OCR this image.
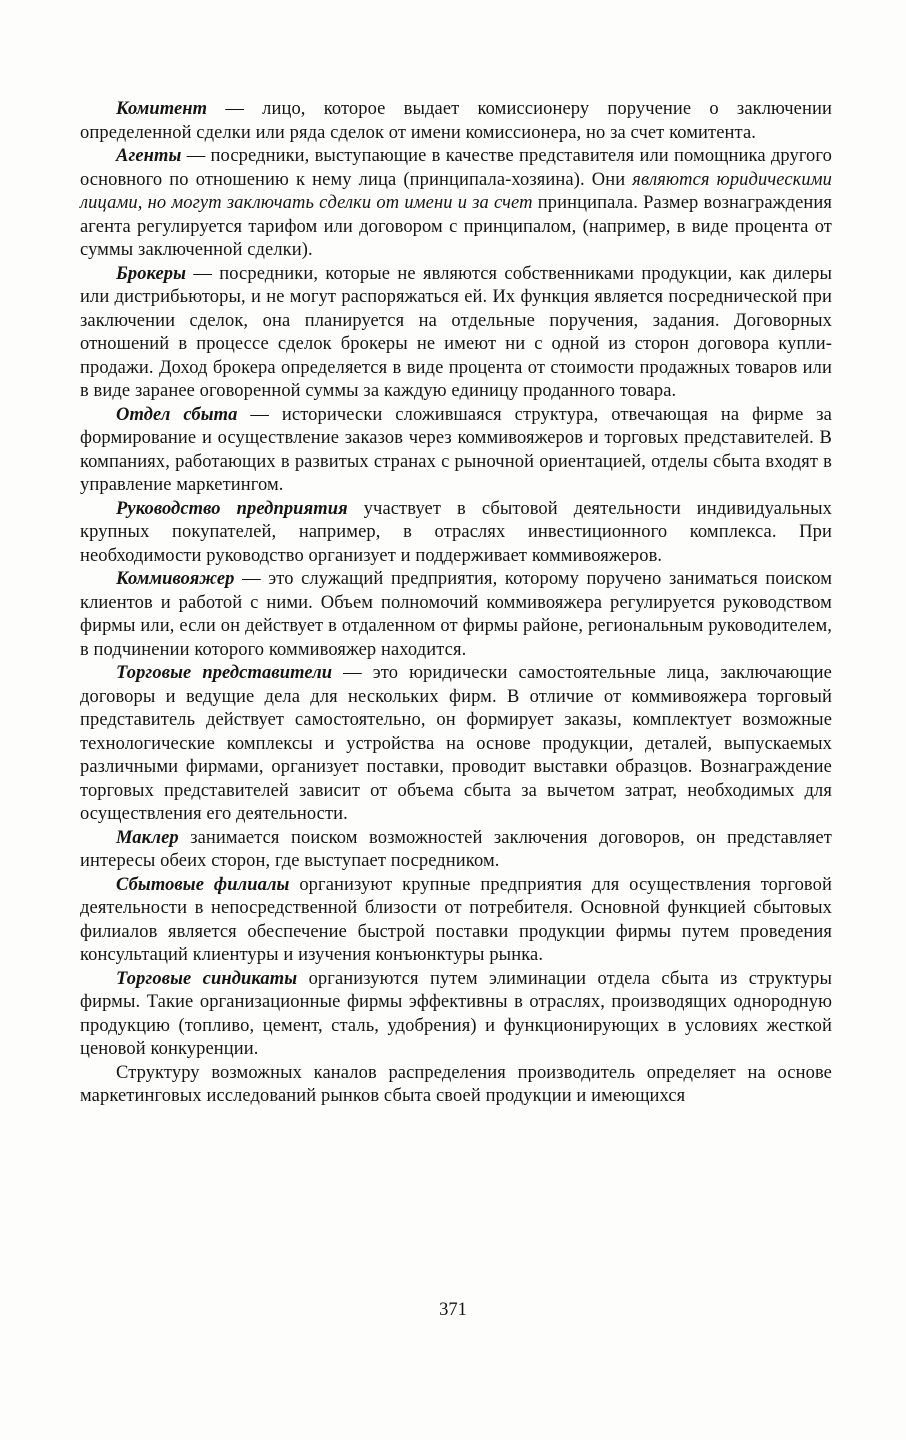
Комитент — лицо, которое выдает комиссионеру поручение о заключении определенной сделки или ряда сделок от имени комиссионера, но за счет комитента.

Агенты — посредники, выступающие в качестве представителя или помощника другого основного по отношению к нему лица (принципала-хозяина). Они являются юридическими лицами, но могут заключать сделки от имени и за счет принципала. Размер вознаграждения агента регулируется тарифом или договором с принципалом, (например, в виде процента от суммы заключенной сделки).

Брокеры — посредники, которые не являются собственниками продукции, как дилеры или дистрибьюторы, и не могут распоряжаться ей. Их функция является посреднической при заключении сделок, она планируется на отдельные поручения, задания. Договорных отношений в процессе сделок брокеры не имеют ни с одной из сторон договора купли-продажи. Доход брокера определяется в виде процента от стоимости продажных товаров или в виде заранее оговоренной суммы за каждую единицу проданного товара.

Отдел сбыта — исторически сложившаяся структура, отвечающая на фирме за формирование и осуществление заказов через коммивояжеров и торговых представителей. В компаниях, работающих в развитых странах с рыночной ориентацией, отделы сбыта входят в управление маркетингом.

Руководство предприятия участвует в сбытовой деятельности индивидуальных крупных покупателей, например, в отраслях инвестиционного комплекса. При необходимости руководство организует и поддерживает коммивояжеров.

Коммивояжер — это служащий предприятия, которому поручено заниматься поиском клиентов и работой с ними. Объем полномочий коммивояжера регулируется руководством фирмы или, если он действует в отдаленном от фирмы районе, региональным руководителем, в подчинении которого коммивояжер находится.

Торговые представители — это юридически самостоятельные лица, заключающие договоры и ведущие дела для нескольких фирм. В отличие от коммивояжера торговый представитель действует самостоятельно, он формирует заказы, комплектует возможные технологические комплексы и устройства на основе продукции, деталей, выпускаемых различными фирмами, организует поставки, проводит выставки образцов. Вознаграждение торговых представителей зависит от объема сбыта за вычетом затрат, необходимых для осуществления его деятельности.

Маклер занимается поиском возможностей заключения договоров, он представляет интересы обеих сторон, где выступает посредником.

Сбытовые филиалы организуют крупные предприятия для осуществления торговой деятельности в непосредственной близости от потребителя. Основной функцией сбытовых филиалов является обеспечение быстрой поставки продукции фирмы путем проведения консультаций клиентуры и изучения конъюнктуры рынка.

Торговые синдикаты организуются путем элиминации отдела сбыта из структуры фирмы. Такие организационные фирмы эффективны в отраслях, производящих однородную продукцию (топливо, цемент, сталь, удобрения) и функционирующих в условиях жесткой ценовой конкуренции.

Структуру возможных каналов распределения производитель определяет на основе маркетинговых исследований рынков сбыта своей продукции и имеющихся

371
